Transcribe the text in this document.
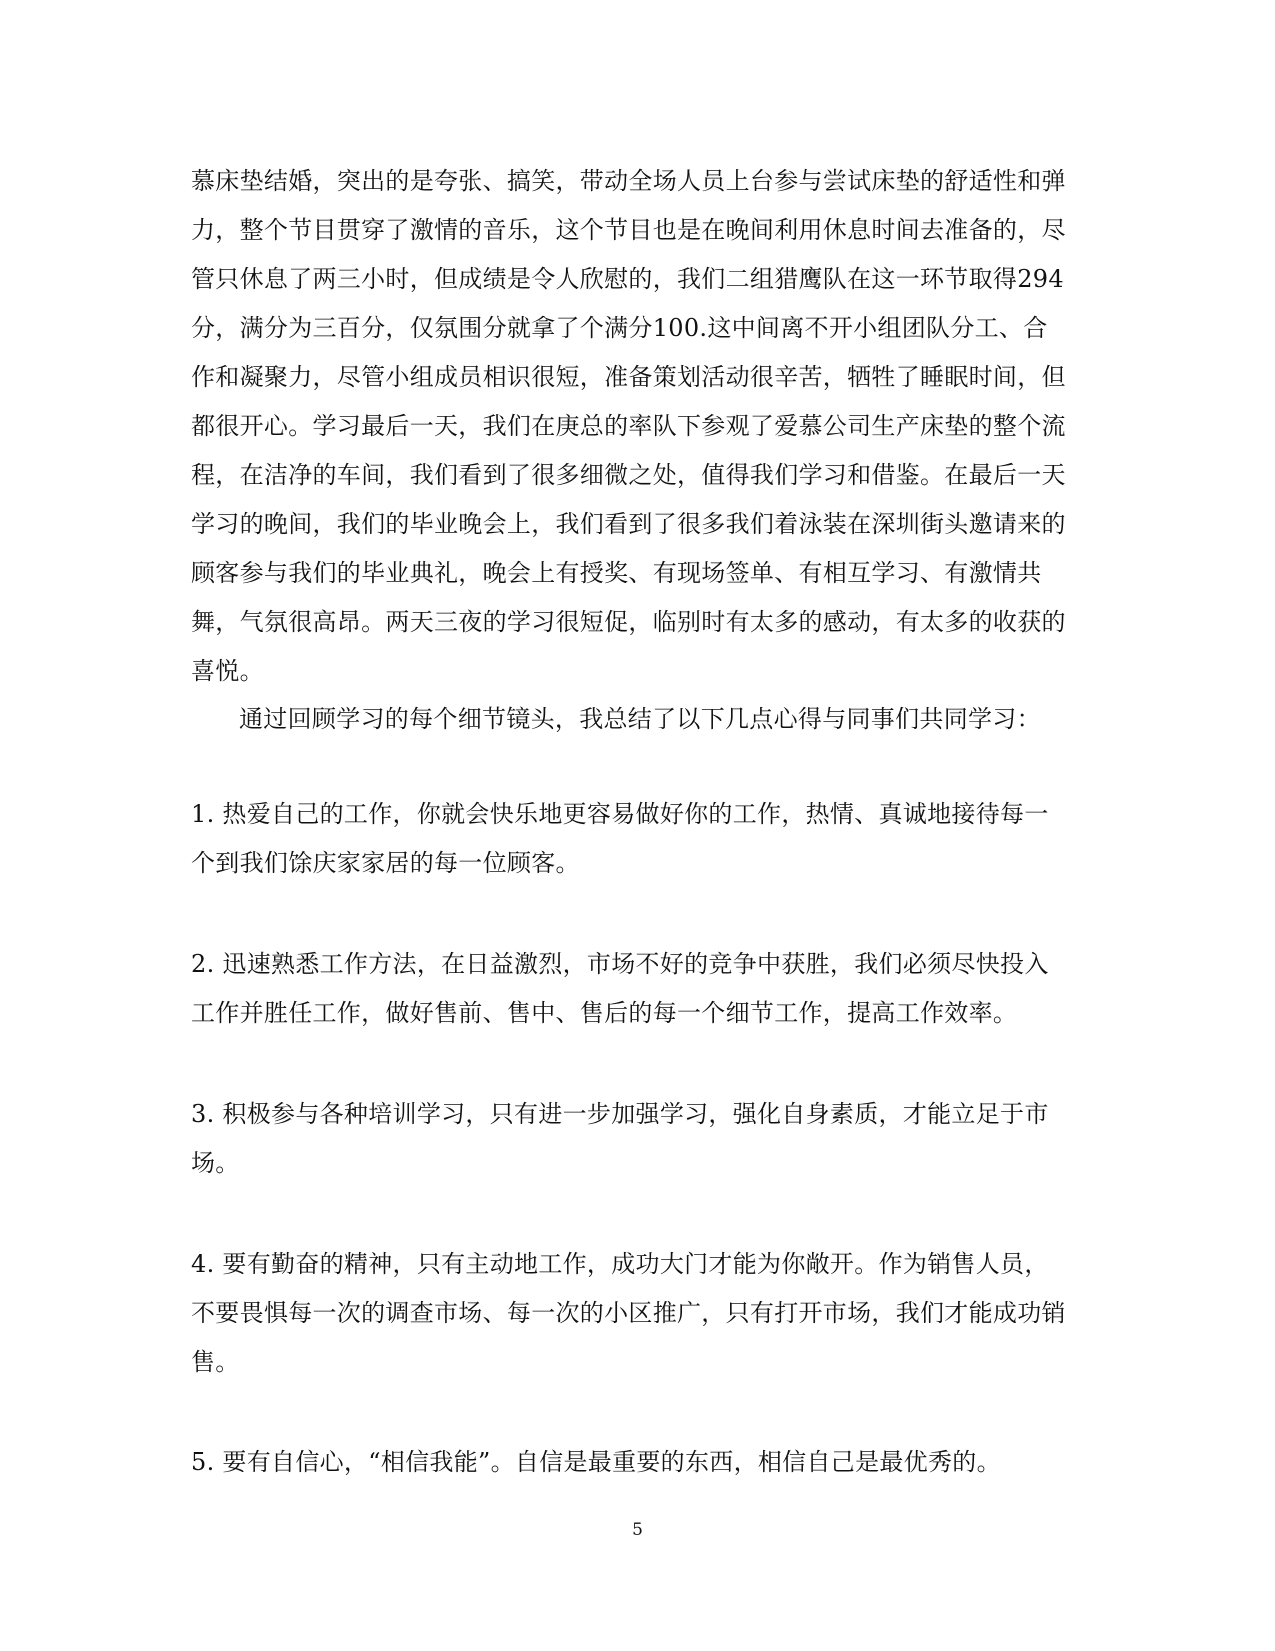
慕床垫结婚，突出的是夸张、搞笑，带动全场人员上台参与尝试床垫的舒适性和弹力，整个节目贯穿了激情的音乐，这个节目也是在晚间利用休息时间去准备的，尽管只休息了两三小时，但成绩是令人欣慰的，我们二组猎鹰队在这一环节取得294分，满分为三百分，仅氛围分就拿了个满分100.这中间离不开小组团队分工、合作和凝聚力，尽管小组成员相识很短，准备策划活动很辛苦，牺牲了睡眠时间，但都很开心。学习最后一天，我们在庚总的率队下参观了爱慕公司生产床垫的整个流程，在洁净的车间，我们看到了很多细微之处，值得我们学习和借鉴。在最后一天学习的晚间，我们的毕业晚会上，我们看到了很多我们着泳装在深圳街头邀请来的顾客参与我们的毕业典礼，晚会上有授奖、有现场签单、有相互学习、有激情共舞，气氛很高昂。两天三夜的学习很短促，临别时有太多的感动，有太多的收获的喜悦。

通过回顾学习的每个细节镜头，我总结了以下几点心得与同事们共同学习：

1. 热爱自己的工作，你就会快乐地更容易做好你的工作，热情、真诚地接待每一个到我们馀庆家家居的每一位顾客。

2. 迅速熟悉工作方法，在日益激烈，市场不好的竞争中获胜，我们必须尽快投入工作并胜任工作，做好售前、售中、售后的每一个细节工作，提高工作效率。

3. 积极参与各种培训学习，只有进一步加强学习，强化自身素质，才能立足于市场。

4. 要有勤奋的精神，只有主动地工作，成功大门才能为你敞开。作为销售人员，不要畏惧每一次的调查市场、每一次的小区推广，只有打开市场，我们才能成功销售。

5. 要有自信心，“相信我能”。自信是最重要的东西，相信自己是最优秀的。

5
